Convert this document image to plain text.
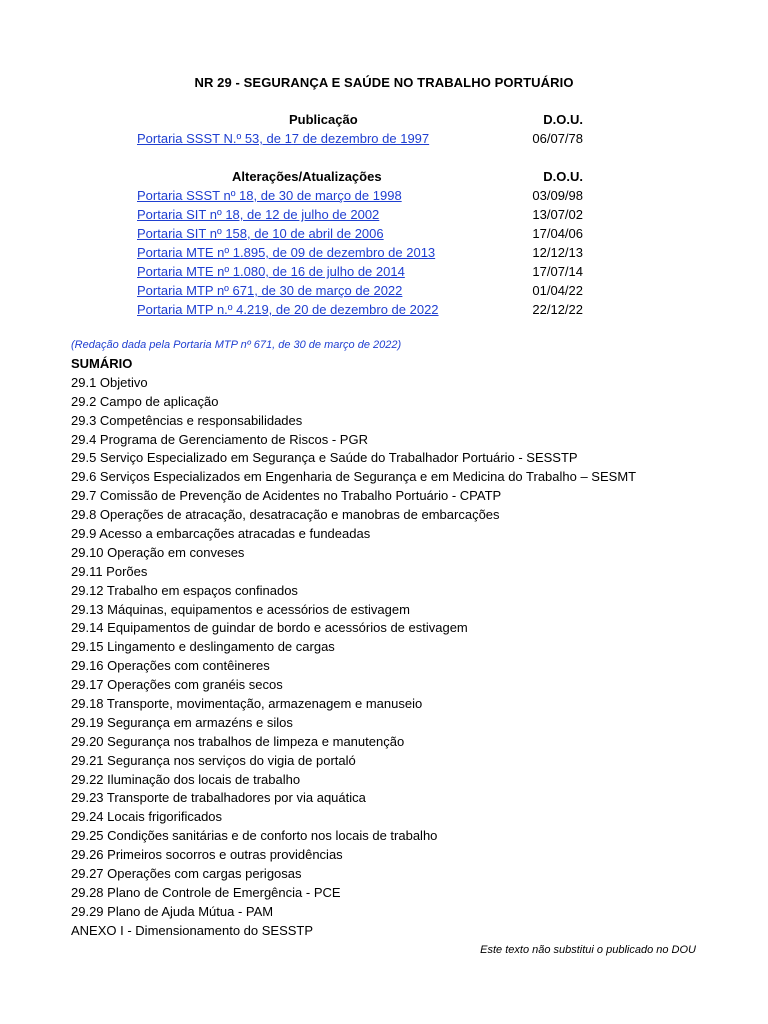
NR 29 - SEGURANÇA E SAÚDE NO TRABALHO PORTUÁRIO
Publicação	D.O.U.
Portaria SSST N.º 53, de 17 de dezembro de 1997	06/07/78
Alterações/Atualizações	D.O.U.
Portaria SSST nº 18, de 30 de março de 1998	03/09/98
Portaria SIT nº 18, de 12 de julho de 2002	13/07/02
Portaria SIT nº 158, de 10 de abril de 2006	17/04/06
Portaria MTE nº 1.895, de 09 de dezembro de 2013	12/12/13
Portaria MTE nº 1.080, de 16 de julho de 2014	17/07/14
Portaria MTP nº 671, de 30 de março de 2022	01/04/22
Portaria MTP n.º 4.219, de 20 de dezembro de 2022	22/12/22
(Redação dada pela Portaria MTP nº 671, de 30 de março de 2022)
SUMÁRIO
29.1 Objetivo
29.2 Campo de aplicação
29.3 Competências e responsabilidades
29.4 Programa de Gerenciamento de Riscos - PGR
29.5 Serviço Especializado em Segurança e Saúde do Trabalhador Portuário - SESSTP
29.6 Serviços Especializados em Engenharia de Segurança e em Medicina do Trabalho – SESMT
29.7 Comissão de Prevenção de Acidentes no Trabalho Portuário - CPATP
29.8 Operações de atracação, desatracação e manobras de embarcações
29.9 Acesso a embarcações atracadas e fundeadas
29.10 Operação em conveses
29.11 Porões
29.12 Trabalho em espaços confinados
29.13 Máquinas, equipamentos e acessórios de estivagem
29.14 Equipamentos de guindar de bordo e acessórios de estivagem
29.15 Lingamento e deslingamento de cargas
29.16 Operações com contêineres
29.17 Operações com granéis secos
29.18 Transporte, movimentação, armazenagem e manuseio
29.19 Segurança em armazéns e silos
29.20 Segurança nos trabalhos de limpeza e manutenção
29.21 Segurança nos serviços do vigia de portaló
29.22 Iluminação dos locais de trabalho
29.23 Transporte de trabalhadores por via aquática
29.24 Locais frigorificados
29.25 Condições sanitárias e de conforto nos locais de trabalho
29.26 Primeiros socorros e outras providências
29.27 Operações com cargas perigosas
29.28 Plano de Controle de Emergência - PCE
29.29 Plano de Ajuda Mútua - PAM
ANEXO I - Dimensionamento do SESSTP
Este texto não substitui o publicado no DOU
